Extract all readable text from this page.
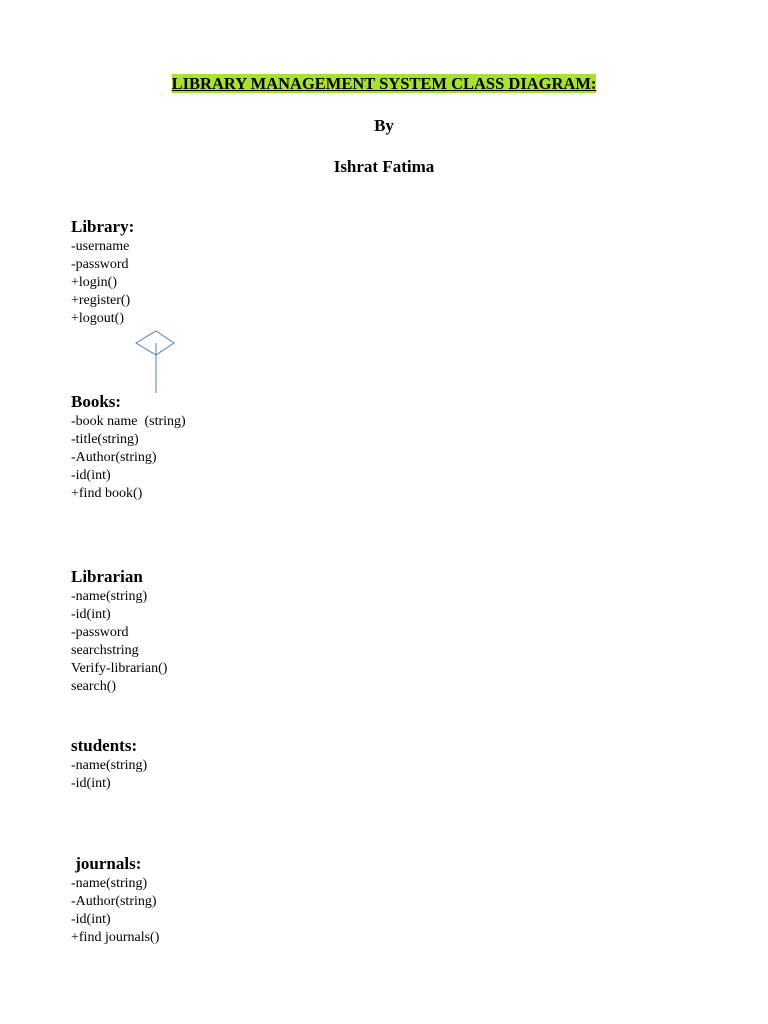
LIBRARY MANAGEMENT SYSTEM CLASS DIAGRAM:
By
Ishrat Fatima
Library:
-username
-password
+login()
+register()
+logout()
Books:
-book name  (string)
-title(string)
-Author(string)
-id(int)
+find book()
Librarian
-name(string)
-id(int)
-password
searchstring
Verify-librarian()
search()
students:
-name(string)
-id(int)
journals:
-name(string)
-Author(string)
-id(int)
+find journals()
